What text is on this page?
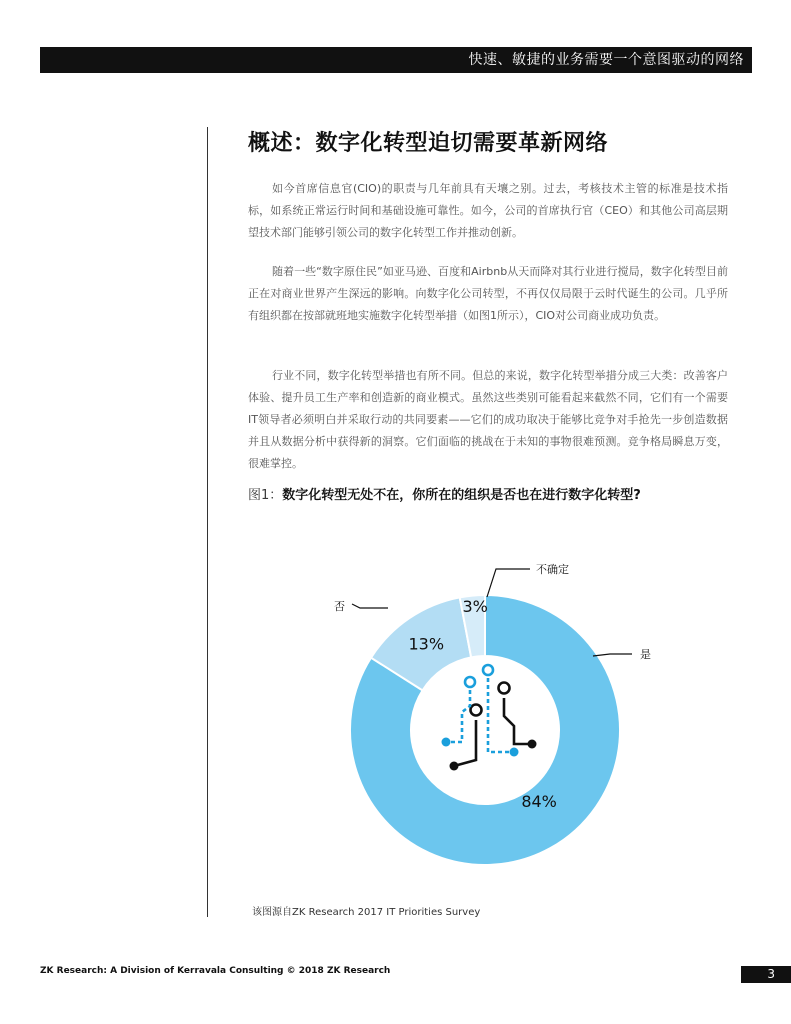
快速、敏捷的业务需要一个意图驱动的网络
概述：数字化转型迫切需要革新网络

如今首席信息官(CIO)的职责与几年前具有天壤之别。过去，考核技术主管的标准是技术指标，如系统正常运行时间和基础设施可靠性。如今，公司的首席执行官（CEO）和其他公司高层期望技术部门能够引领公司的数字化转型工作并推动创新。

随着一些“数字原住民”如亚马逊、百度和Airbnb从天而降对其行业进行搅局，数字化转型目前正在对商业世界产生深远的影响。向数字化公司转型，不再仅仅局限于云时代诞生的公司。几乎所有组织都在按部就班地实施数字化转型举措（如图1所示），CIO对公司商业成功负责。

行业不同，数字化转型举措也有所不同。但总的来说，数字化转型举措分成三大类：改善客户体验、提升员工生产率和创造新的商业模式。虽然这些类别可能看起来截然不同，它们有一个需要IT领导者必须明白并采取行动的共同要素——它们的成功取决于能够比竞争对手抢先一步创造数据并且从数据分析中获得新的洞察。它们面临的挑战在于未知的事物很难预测。竞争格局瞬息万变，很难掌控。

图1：数字化转型无处不在，你所在的组织是否也在进行数字化转型?

84%
13%
3%
是
否
不确定

该图源自ZK Research 2017 IT Priorities Survey

ZK Research: A Division of Kerravala Consulting © 2018 ZK Research	3
